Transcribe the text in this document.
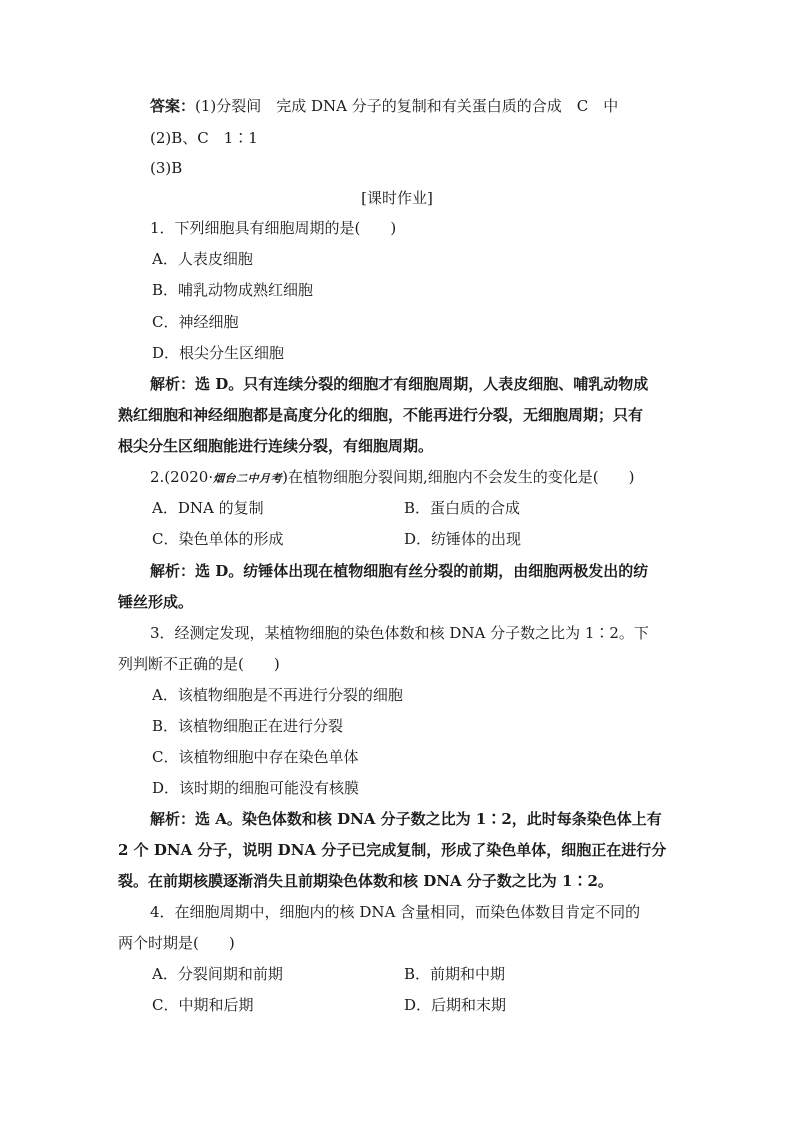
答案：(1)分裂间　完成 DNA 分子的复制和有关蛋白质的合成　C　中
(2)B、C　1∶1
(3)B
[课时作业]
1．下列细胞具有细胞周期的是(　　)
A．人表皮细胞
B．哺乳动物成熟红细胞
C．神经细胞
D．根尖分生区细胞
解析：选 D。只有连续分裂的细胞才有细胞周期，人表皮细胞、哺乳动物成
熟红细胞和神经细胞都是高度分化的细胞，不能再进行分裂，无细胞周期；只有
根尖分生区细胞能进行连续分裂，有细胞周期。
2.(2020·烟台二中月考)在植物细胞分裂间期,细胞内不会发生的变化是(　　)
A．DNA 的复制	B．蛋白质的合成
C．染色单体的形成	D．纺锤体的出现
解析：选 D。纺锤体出现在植物细胞有丝分裂的前期，由细胞两极发出的纺
锤丝形成。
3．经测定发现，某植物细胞的染色体数和核 DNA 分子数之比为 1∶2。下
列判断不正确的是(　　)
A．该植物细胞是不再进行分裂的细胞
B．该植物细胞正在进行分裂
C．该植物细胞中存在染色单体
D．该时期的细胞可能没有核膜
解析：选 A。染色体数和核 DNA 分子数之比为 1∶2，此时每条染色体上有
2 个 DNA 分子，说明 DNA 分子已完成复制，形成了染色单体，细胞正在进行分
裂。在前期核膜逐渐消失且前期染色体数和核 DNA 分子数之比为 1∶2。
4．在细胞周期中，细胞内的核 DNA 含量相同，而染色体数目肯定不同的
两个时期是(　　)
A．分裂间期和前期	B．前期和中期
C．中期和后期	D．后期和末期
